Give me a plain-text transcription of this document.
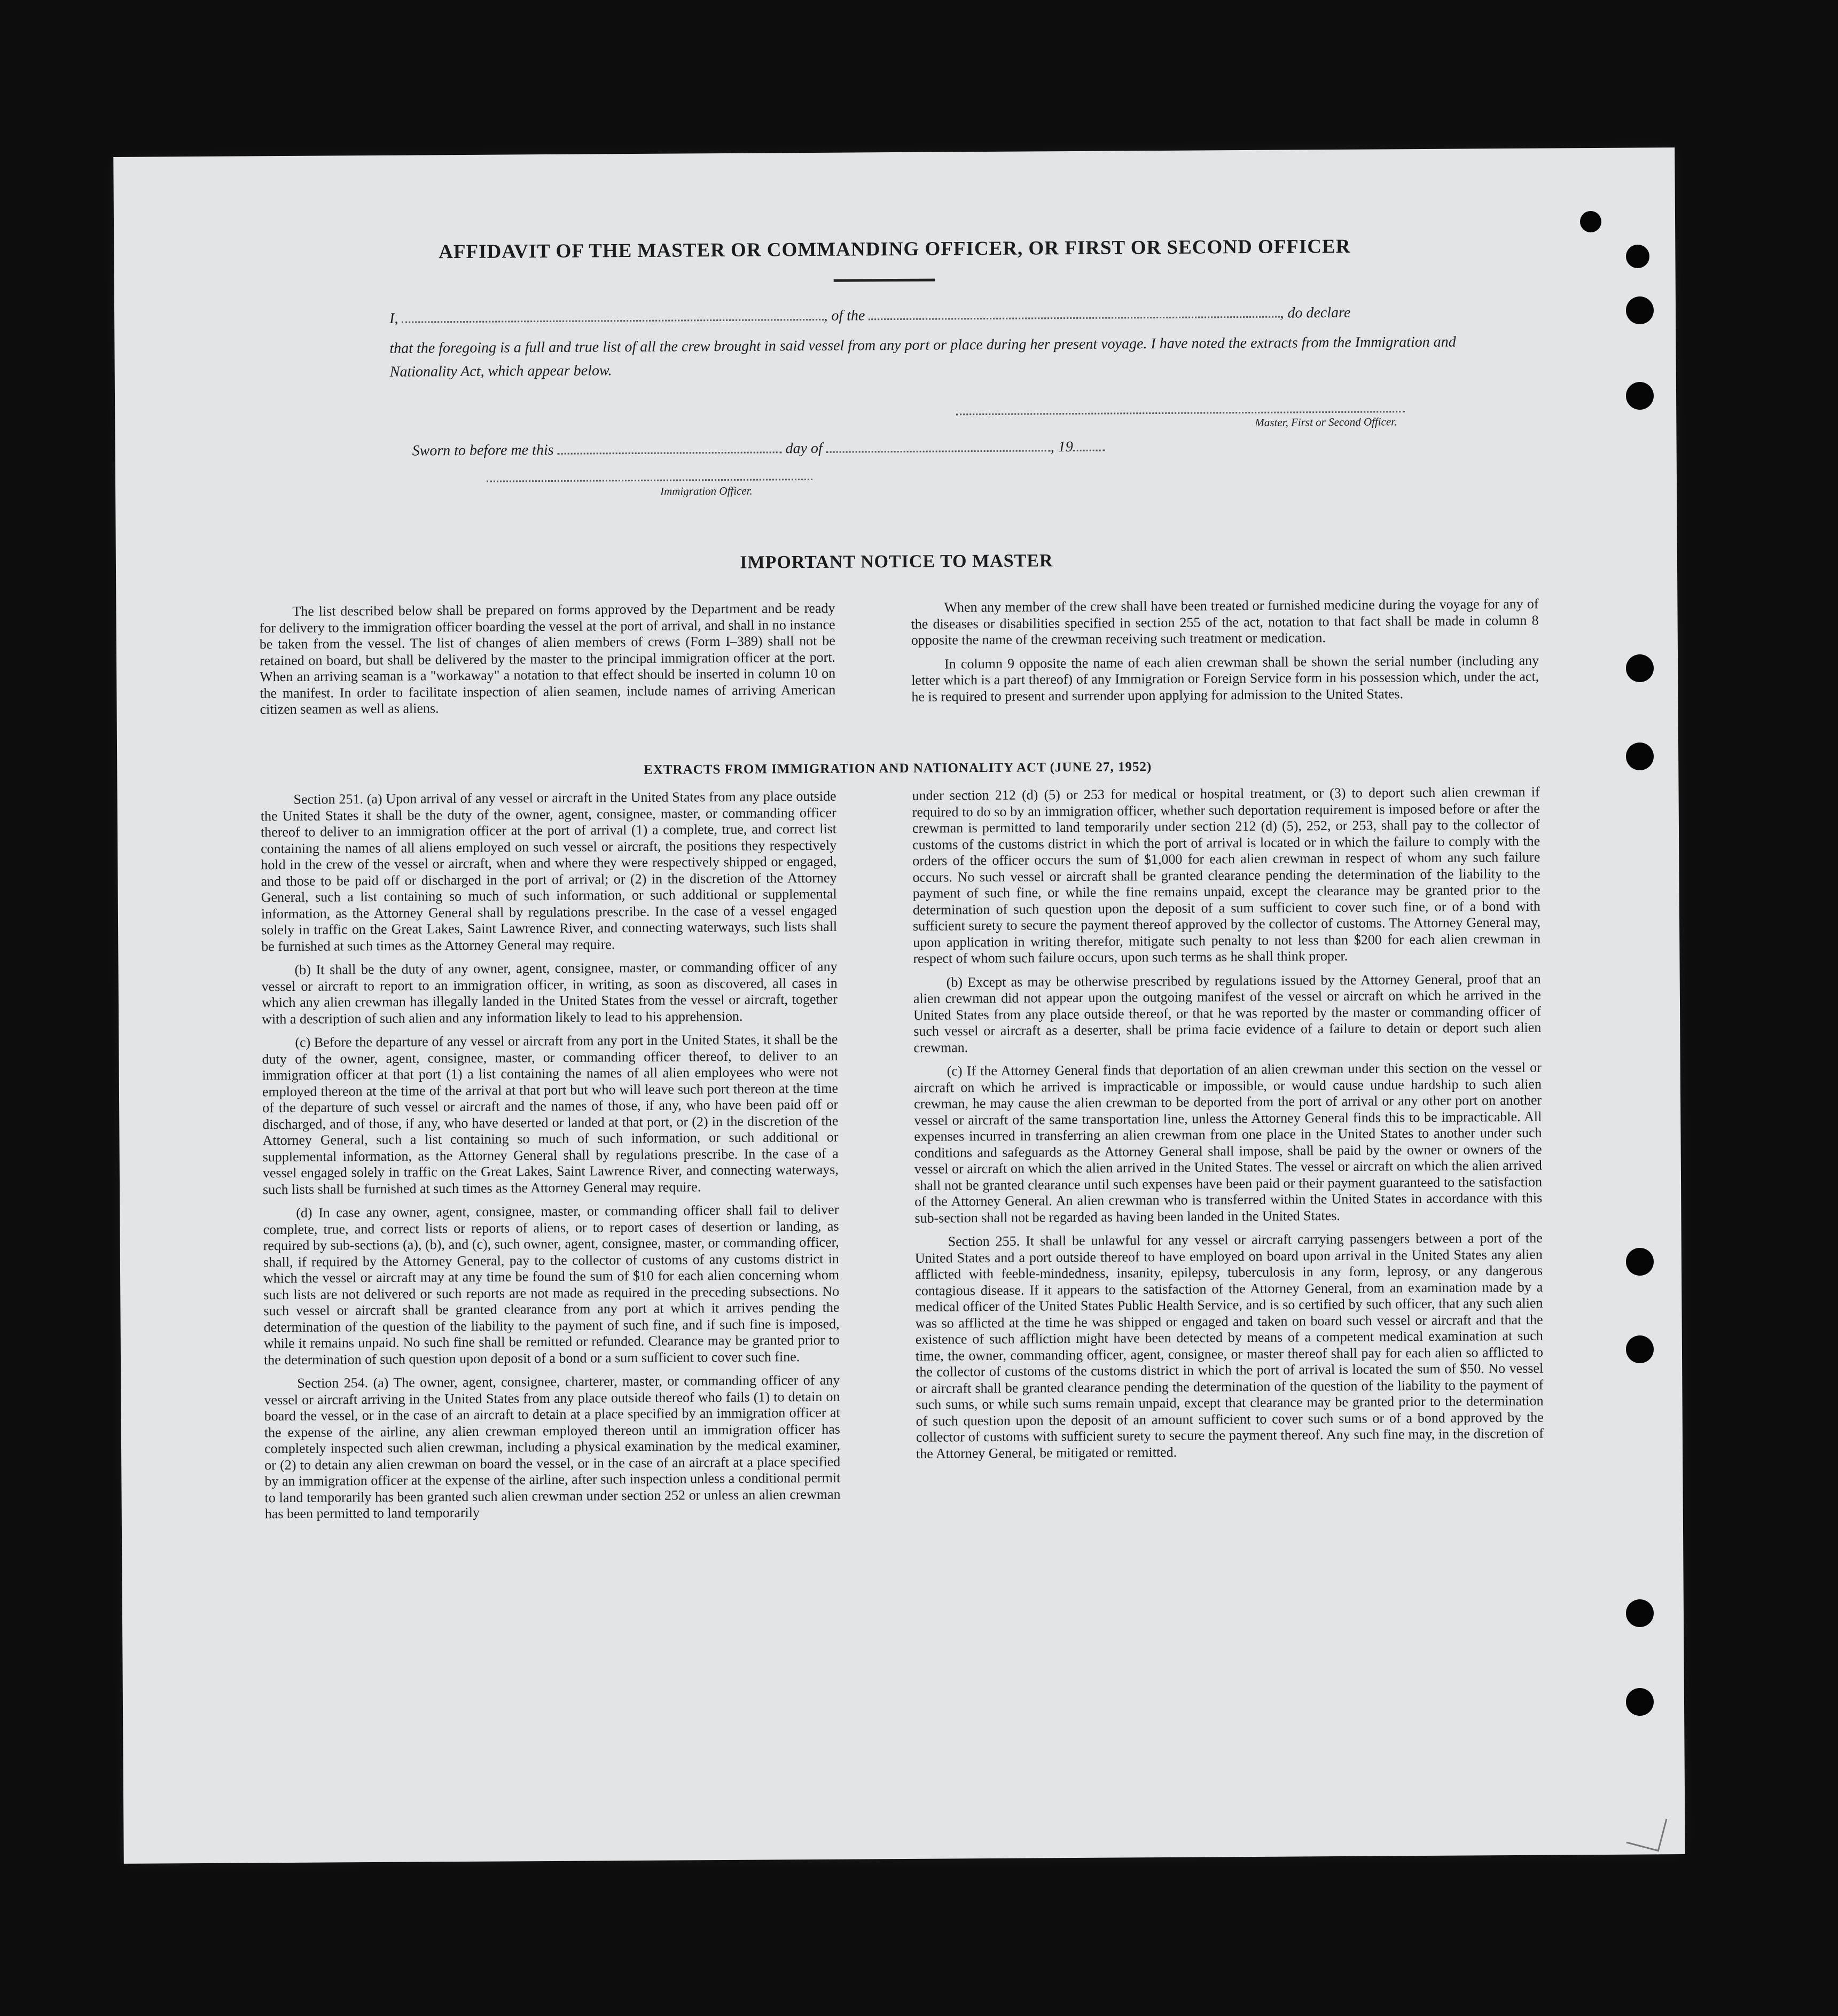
AFFIDAVIT OF THE MASTER OR COMMANDING OFFICER, OR FIRST OR SECOND OFFICER
I,	, of the	, do declare
that the foregoing is a full and true list of all the crew brought in said vessel from any port or place during her present voyage. I have noted the extracts from the Immigration and Nationality Act, which appear below.
Master, First or Second Officer.
Sworn to before me this	day of	, 19
Immigration Officer.
IMPORTANT NOTICE TO MASTER

The list described below shall be prepared on forms approved by the Department and be ready for delivery to the immigration officer boarding the vessel at the port of arrival, and shall in no instance be taken from the vessel. The list of changes of alien members of crews (Form I–389) shall not be retained on board, but shall be delivered by the master to the principal immigration officer at the port. When an arriving seaman is a "workaway" a notation to that effect should be inserted in column 10 on the manifest. In order to facilitate inspection of alien seamen, include names of arriving American citizen seamen as well as aliens.

When any member of the crew shall have been treated or furnished medicine during the voyage for any of the diseases or disabilities specified in section 255 of the act, notation to that fact shall be made in column 8 opposite the name of the crewman receiving such treatment or medication.

In column 9 opposite the name of each alien crewman shall be shown the serial number (including any letter which is a part thereof) of any Immigration or Foreign Service form in his possession which, under the act, he is required to present and surrender upon applying for admission to the United States.

EXTRACTS FROM IMMIGRATION AND NATIONALITY ACT (JUNE 27, 1952)

Section 251. (a) Upon arrival of any vessel or aircraft in the United States from any place outside the United States it shall be the duty of the owner, agent, consignee, master, or commanding officer thereof to deliver to an immigration officer at the port of arrival (1) a complete, true, and correct list containing the names of all aliens employed on such vessel or aircraft, the positions they respectively hold in the crew of the vessel or aircraft, when and where they were respectively shipped or engaged, and those to be paid off or discharged in the port of arrival; or (2) in the discretion of the Attorney General, such a list containing so much of such information, or such additional or supplemental information, as the Attorney General shall by regulations prescribe. In the case of a vessel engaged solely in traffic on the Great Lakes, Saint Lawrence River, and connecting waterways, such lists shall be furnished at such times as the Attorney General may require.

(b) It shall be the duty of any owner, agent, consignee, master, or commanding officer of any vessel or aircraft to report to an immigration officer, in writing, as soon as discovered, all cases in which any alien crewman has illegally landed in the United States from the vessel or aircraft, together with a description of such alien and any information likely to lead to his apprehension.

(c) Before the departure of any vessel or aircraft from any port in the United States, it shall be the duty of the owner, agent, consignee, master, or commanding officer thereof, to deliver to an immigration officer at that port (1) a list containing the names of all alien employees who were not employed thereon at the time of the arrival at that port but who will leave such port thereon at the time of the departure of such vessel or aircraft and the names of those, if any, who have been paid off or discharged, and of those, if any, who have deserted or landed at that port, or (2) in the discretion of the Attorney General, such a list containing so much of such information, or such additional or supplemental information, as the Attorney General shall by regulations prescribe. In the case of a vessel engaged solely in traffic on the Great Lakes, Saint Lawrence River, and connecting waterways, such lists shall be furnished at such times as the Attorney General may require.

(d) In case any owner, agent, consignee, master, or commanding officer shall fail to deliver complete, true, and correct lists or reports of aliens, or to report cases of desertion or landing, as required by sub-sections (a), (b), and (c), such owner, agent, consignee, master, or commanding officer, shall, if required by the Attorney General, pay to the collector of customs of any customs district in which the vessel or aircraft may at any time be found the sum of $10 for each alien concerning whom such lists are not delivered or such reports are not made as required in the preceding subsections. No such vessel or aircraft shall be granted clearance from any port at which it arrives pending the determination of the question of the liability to the payment of such fine, and if such fine is imposed, while it remains unpaid. No such fine shall be remitted or refunded. Clearance may be granted prior to the determination of such question upon deposit of a bond or a sum sufficient to cover such fine.

Section 254. (a) The owner, agent, consignee, charterer, master, or commanding officer of any vessel or aircraft arriving in the United States from any place outside thereof who fails (1) to detain on board the vessel, or in the case of an aircraft to detain at a place specified by an immigration officer at the expense of the airline, any alien crewman employed thereon until an immigration officer has completely inspected such alien crewman, including a physical examination by the medical examiner, or (2) to detain any alien crewman on board the vessel, or in the case of an aircraft at a place specified by an immigration officer at the expense of the airline, after such inspection unless a conditional permit to land temporarily has been granted such alien crewman under section 252 or unless an alien crewman has been permitted to land temporarily

under section 212 (d) (5) or 253 for medical or hospital treatment, or (3) to deport such alien crewman if required to do so by an immigration officer, whether such deportation requirement is imposed before or after the crewman is permitted to land temporarily under section 212 (d) (5), 252, or 253, shall pay to the collector of customs of the customs district in which the port of arrival is located or in which the failure to comply with the orders of the officer occurs the sum of $1,000 for each alien crewman in respect of whom any such failure occurs. No such vessel or aircraft shall be granted clearance pending the determination of the liability to the payment of such fine, or while the fine remains unpaid, except the clearance may be granted prior to the determination of such question upon the deposit of a sum sufficient to cover such fine, or of a bond with sufficient surety to secure the payment thereof approved by the collector of customs. The Attorney General may, upon application in writing therefor, mitigate such penalty to not less than $200 for each alien crewman in respect of whom such failure occurs, upon such terms as he shall think proper.

(b) Except as may be otherwise prescribed by regulations issued by the Attorney General, proof that an alien crewman did not appear upon the outgoing manifest of the vessel or aircraft on which he arrived in the United States from any place outside thereof, or that he was reported by the master or commanding officer of such vessel or aircraft as a deserter, shall be prima facie evidence of a failure to detain or deport such alien crewman.

(c) If the Attorney General finds that deportation of an alien crewman under this section on the vessel or aircraft on which he arrived is impracticable or impossible, or would cause undue hardship to such alien crewman, he may cause the alien crewman to be deported from the port of arrival or any other port on another vessel or aircraft of the same transportation line, unless the Attorney General finds this to be impracticable. All expenses incurred in transferring an alien crewman from one place in the United States to another under such conditions and safeguards as the Attorney General shall impose, shall be paid by the owner or owners of the vessel or aircraft on which the alien arrived in the United States. The vessel or aircraft on which the alien arrived shall not be granted clearance until such expenses have been paid or their payment guaranteed to the satisfaction of the Attorney General. An alien crewman who is transferred within the United States in accordance with this sub-section shall not be regarded as having been landed in the United States.

Section 255. It shall be unlawful for any vessel or aircraft carrying passengers between a port of the United States and a port outside thereof to have employed on board upon arrival in the United States any alien afflicted with feeble-mindedness, insanity, epilepsy, tuberculosis in any form, leprosy, or any dangerous contagious disease. If it appears to the satisfaction of the Attorney General, from an examination made by a medical officer of the United States Public Health Service, and is so certified by such officer, that any such alien was so afflicted at the time he was shipped or engaged and taken on board such vessel or aircraft and that the existence of such affliction might have been detected by means of a competent medical examination at such time, the owner, commanding officer, agent, consignee, or master thereof shall pay for each alien so afflicted to the collector of customs of the customs district in which the port of arrival is located the sum of $50. No vessel or aircraft shall be granted clearance pending the determination of the question of the liability to the payment of such sums, or while such sums remain unpaid, except that clearance may be granted prior to the determination of such question upon the deposit of an amount sufficient to cover such sums or of a bond approved by the collector of customs with sufficient surety to secure the payment thereof. Any such fine may, in the discretion of the Attorney General, be mitigated or remitted.
